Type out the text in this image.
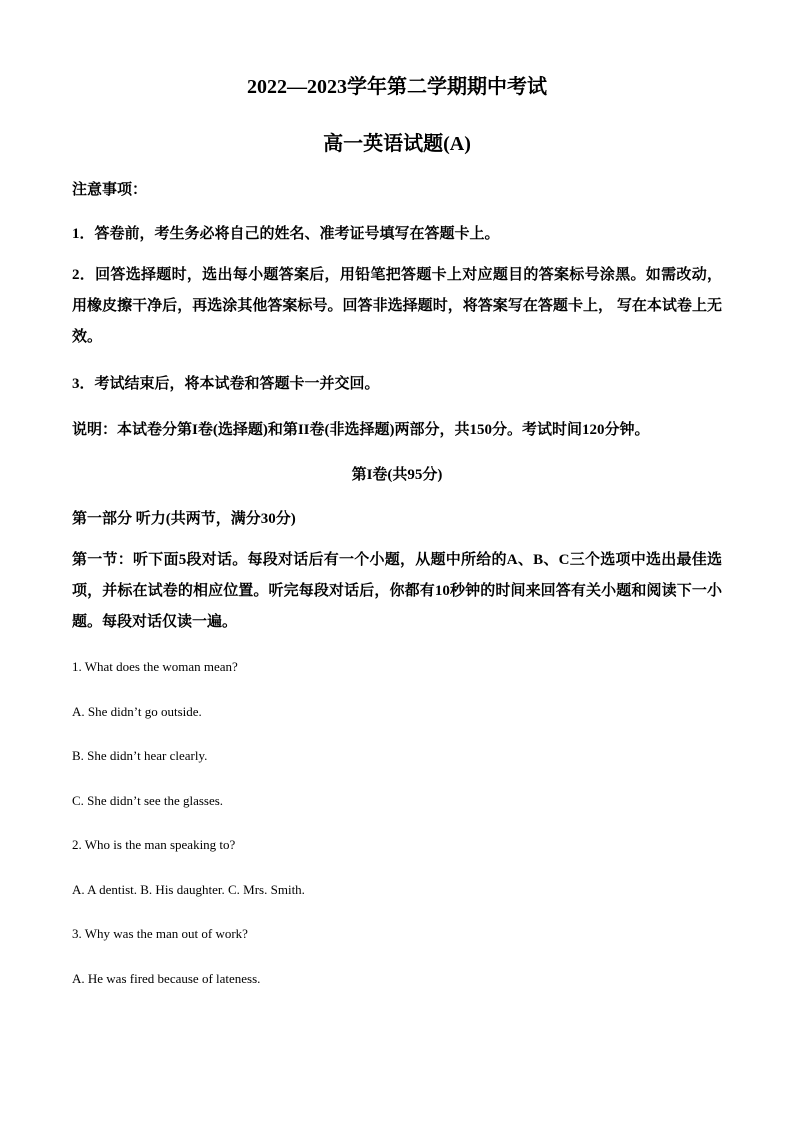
2022—2023学年第二学期期中考试

高一英语试题(A)

注意事项：

1．答卷前，考生务必将自己的姓名、准考证号填写在答题卡上。

2．回答选择题时，选出每小题答案后，用铅笔把答题卡上对应题目的答案标号涂黑。如需改动，用橡皮擦干净后，再选涂其他答案标号。回答非选择题时，将答案写在答题卡上， 写在本试卷上无效。

3．考试结束后，将本试卷和答题卡一并交回。

说明：本试卷分第I卷(选择题)和第II卷(非选择题)两部分，共150分。考试时间120分钟。

第I卷(共95分)

第一部分 听力(共两节，满分30分)

第一节：听下面5段对话。每段对话后有一个小题，从题中所给的A、B、C三个选项中选出最佳选项，并标在试卷的相应位置。听完每段对话后，你都有10秒钟的时间来回答有关小题和阅读下一小题。每段对话仅读一遍。

1. What does the woman mean?

A. She didn’t go outside.

B. She didn’t hear clearly.

C. She didn’t see the glasses.

2. Who is the man speaking to?

A. A dentist. B. His daughter. C. Mrs. Smith.

3. Why was the man out of work?

A. He was fired because of lateness.
